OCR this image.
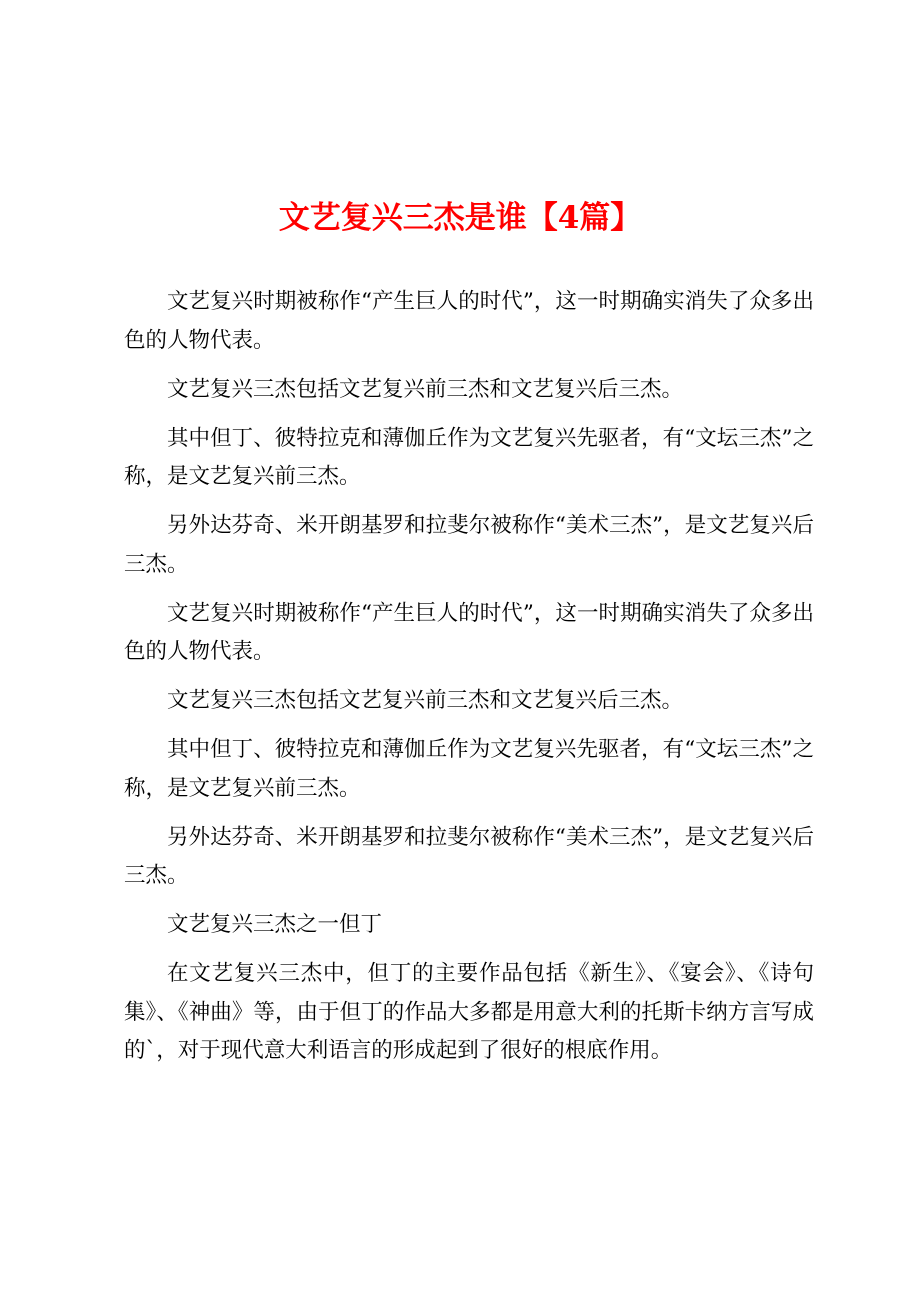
文艺复兴三杰是谁【4篇】

文艺复兴时期被称作“产生巨人的时代”，这一时期确实消失了众多出色的人物代表。

文艺复兴三杰包括文艺复兴前三杰和文艺复兴后三杰。

其中但丁、彼特拉克和薄伽丘作为文艺复兴先驱者，有“文坛三杰”之称，是文艺复兴前三杰。

另外达芬奇、米开朗基罗和拉斐尔被称作“美术三杰”，是文艺复兴后三杰。

文艺复兴时期被称作“产生巨人的时代”，这一时期确实消失了众多出色的人物代表。

文艺复兴三杰包括文艺复兴前三杰和文艺复兴后三杰。

其中但丁、彼特拉克和薄伽丘作为文艺复兴先驱者，有“文坛三杰”之称，是文艺复兴前三杰。

另外达芬奇、米开朗基罗和拉斐尔被称作“美术三杰”，是文艺复兴后三杰。

文艺复兴三杰之一但丁

在文艺复兴三杰中，但丁的主要作品包括《新生》、《宴会》、《诗句集》、《神曲》等，由于但丁的作品大多都是用意大利的托斯卡纳方言写成的`，对于现代意大利语言的形成起到了很好的根底作用。
